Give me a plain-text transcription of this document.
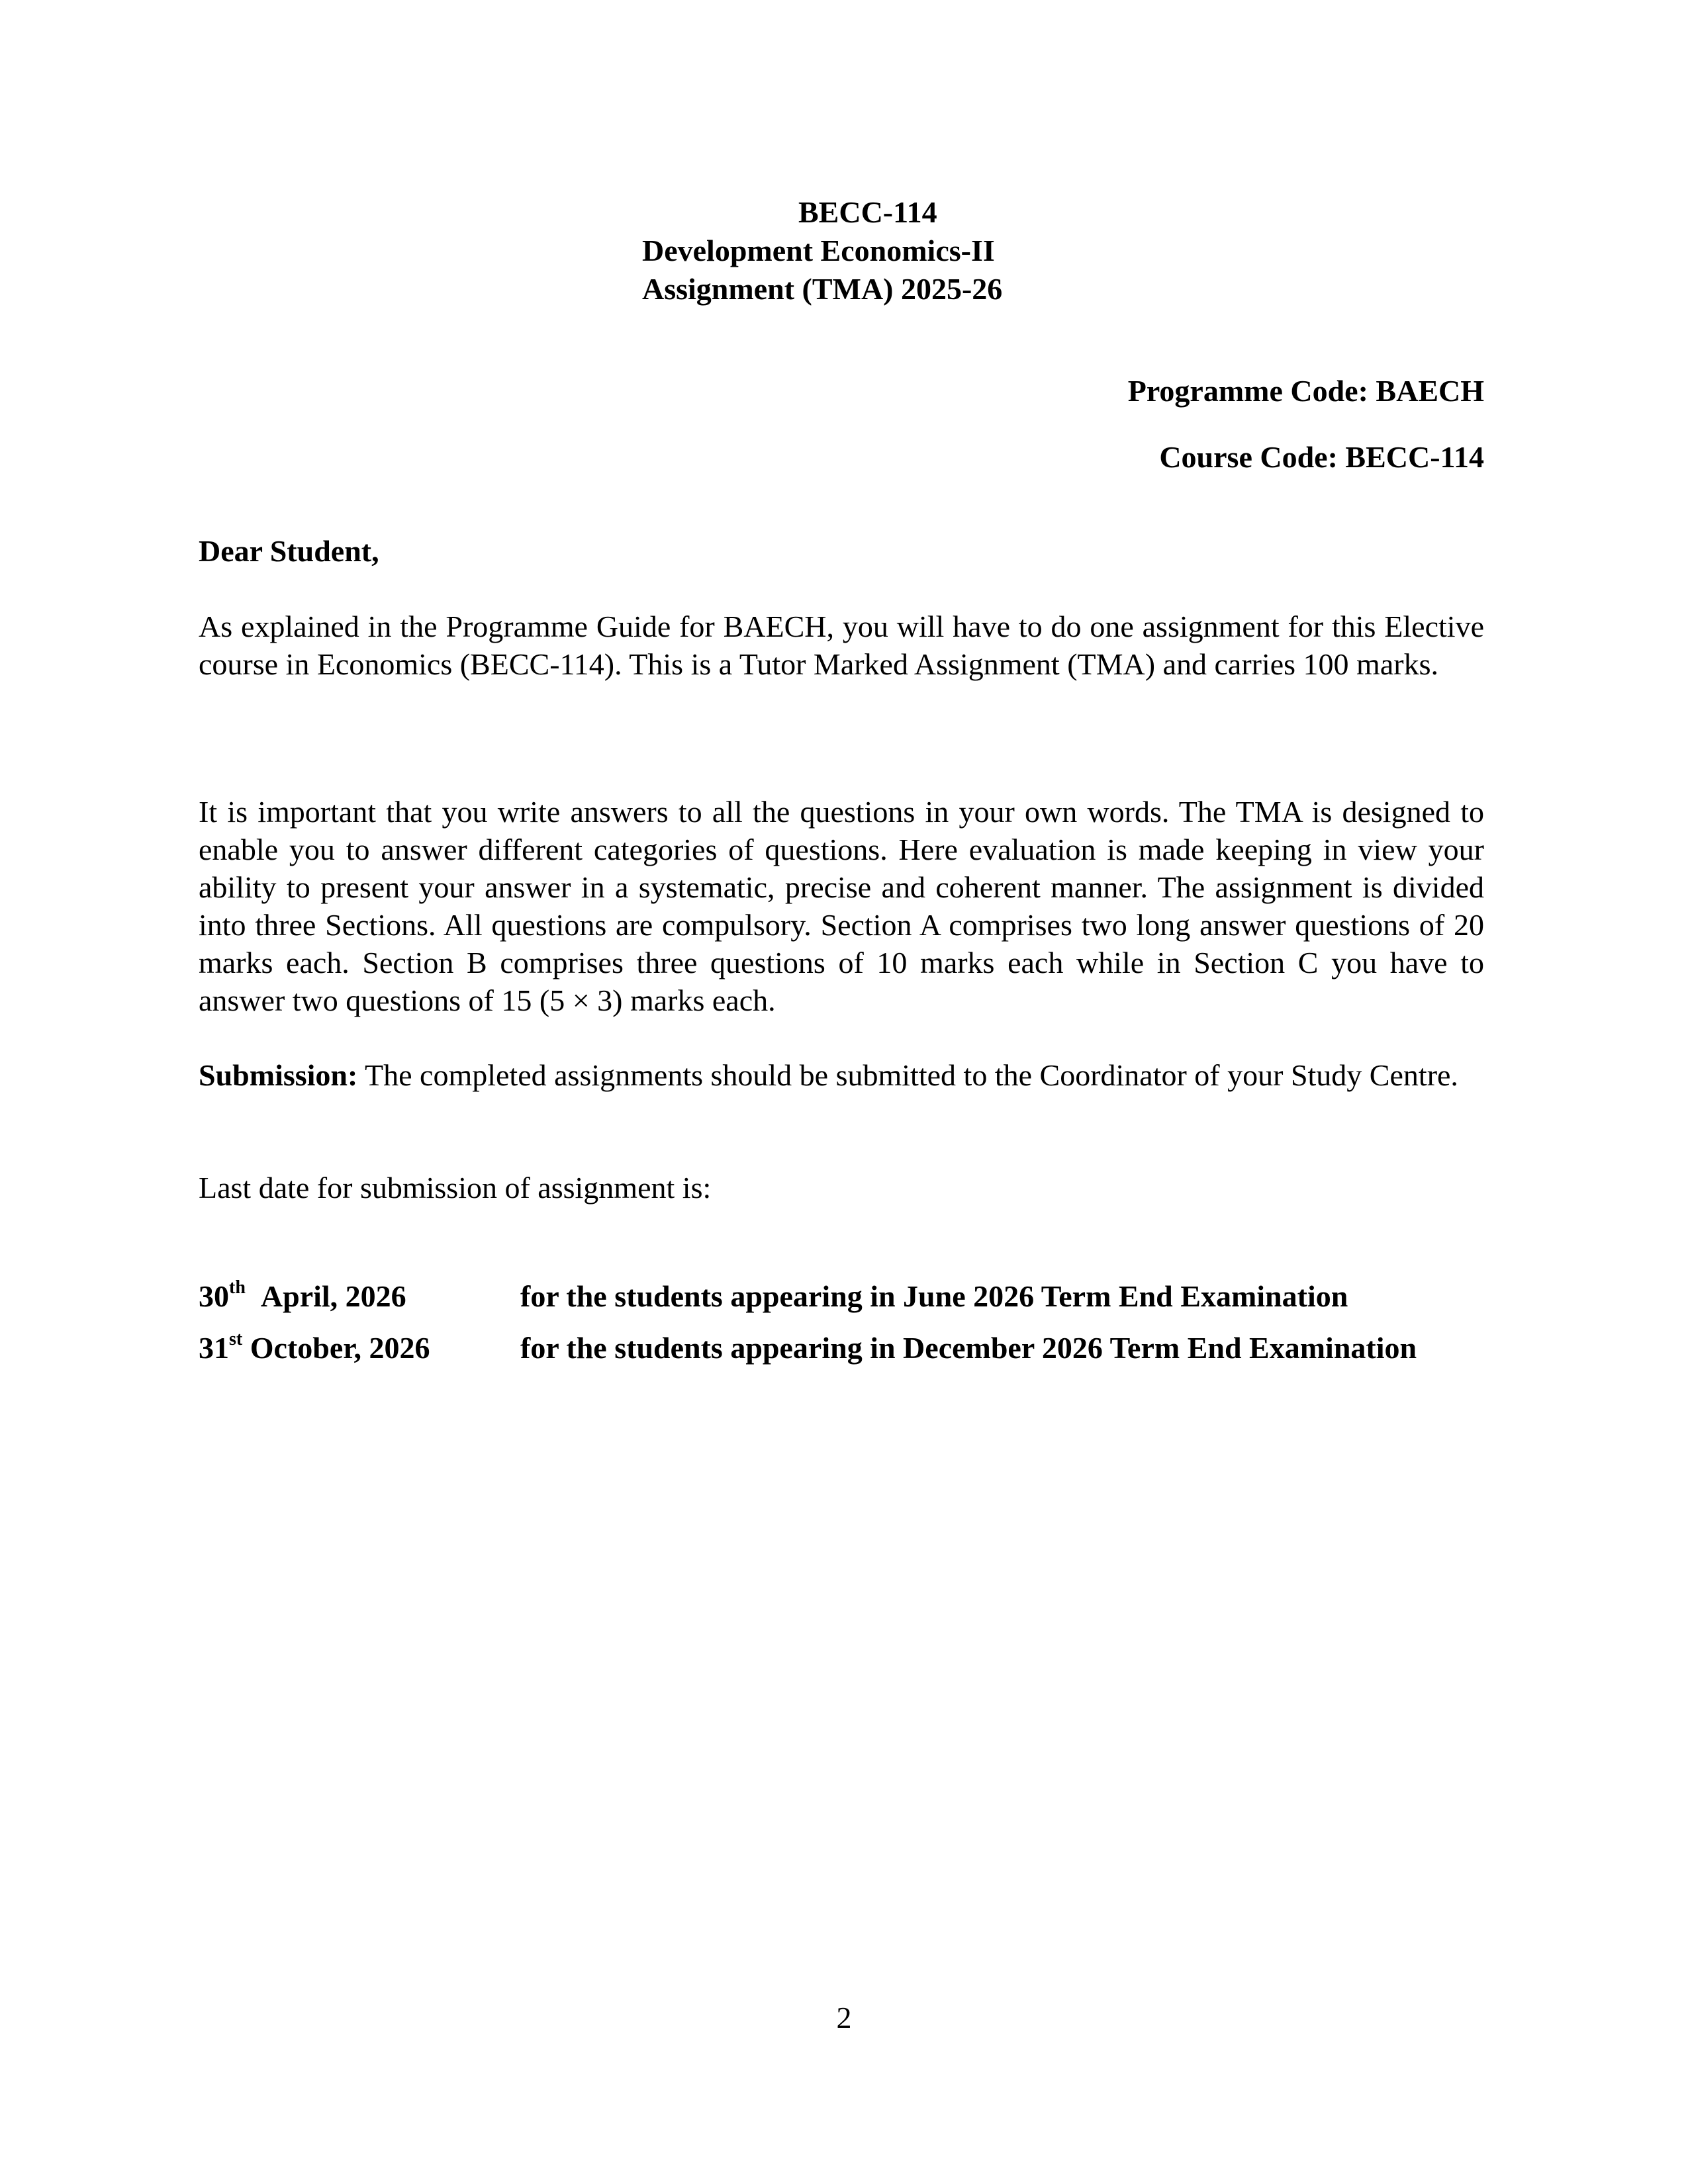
BECC-114
Development Economics-II
Assignment (TMA) 2025-26
Programme Code: BAECH
Course Code: BECC-114
Dear Student,
As explained in the Programme Guide for BAECH, you will have to do one assignment for this Elective course in Economics (BECC-114). This is a Tutor Marked Assignment (TMA) and carries 100 marks.
It is important that you write answers to all the questions in your own words. The TMA is designed to enable you to answer different categories of questions. Here evaluation is made keeping in view your ability to present your answer in a systematic, precise and coherent manner. The assignment is divided into three Sections. All questions are compulsory. Section A comprises two long answer questions of 20 marks each. Section B comprises three questions of 10 marks each while in Section C you have to answer two questions of 15 (5 × 3) marks each.
Submission: The completed assignments should be submitted to the Coordinator of your Study Centre.
Last date for submission of assignment is:
30th April, 2026	for the students appearing in June 2026 Term End Examination
31st October, 2026	for the students appearing in December 2026 Term End Examination
2
